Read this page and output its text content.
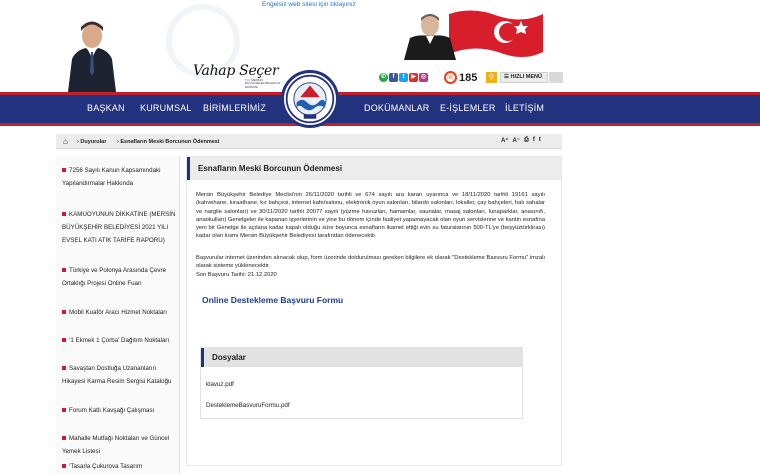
Engelsiz web sitesi için tıklayınız
Vahap Seçer
T.C. MERSİN BÜYÜKŞEHİR BELEDİYE BAŞKANI
✆	f	t	▶ ◎	☏ 185	⚲	☰ HIZLI MENÜ
BAŞKAN KURUMSAL BİRİMLERİMİZ	DOKÜMANLAR E-İŞLEMLER İLETİŞİM
⌂ › Duyurular › Esnafların Meski Borcunun Ödenmesi	A⁺ A⁻ ⎙ f t
7256 Sayılı Kanun Kapsamındaki Yapılandırmalar Hakkında
KAMUOYUNUN DİKKATİNE (MERSİN BÜYÜKŞEHİR BELEDİYESİ 2021 YILI EVSEL KATI ATIK TARİFE RAPORU)
Türkiye ve Polonya Arasında Çevre Ortaklığı Projesi Online Fuarı
Mobil Kuaför Aracı Hizmet Noktaları
‘1 Ekmek 1 Çorba’ Dağıtım Noktaları
Savaştan Dostluğa Uzananların Hikayesi Karma Resim Sergisi Kataloğu
Forum Katlı Kavşağı Çalışması
Mahalle Mutfağı Noktaları ve Güncel Yemek Listesi
‘Tasarla Çukurova Tasarım
Esnafların Meski Borcunun Ödenmesi

Mersin Büyükşehir Belediye Meclisi'nin 26/11/2020 tarihli ve 674 sayılı ara kararı uyarınca ve 18/11/2020 tarihli 19161 sayılı (kahvehane, kıraathane, kır bahçesi, internet kafe/salonu, elektronik oyun salonları, bilardo salonları, lokaller, çay bahçeleri, halı sahalar ve nargile salonları) ve 30/11/2020 tarihli 20077 sayılı (yüzme havuzları, hamamlar, saunalar, masaj salonları, lunaparklar, anasınıfı, anaokulları) Genelgeler ile kapanan işyerlerinin ve yine bu dönem içinde faaliyet yapamayacak olan oyun servislerine ve kantin esnafına yeni bir Genelge ile açılana kadar kapalı olduğu süre boyunca esnafların ikamet ettiği evin su faturalarının 500-TL'ye (beşyüztürklirası) kadar olan kısmı Mersin Büyükşehir Belediyesi tarafından ödenecektir.

Başvurular internet üzerinden alınacak olup, form üzerinde doldurulması gereken bilgilere ek olarak "Destekleme Basvuru Formu" imzalı olarak sisteme yüklenecektir.

Son Başvuru Tarihi: 21.12.2020

Online Destekleme Başvuru Formu
Dosyalar
klavuz.pdf
DesteklemeBasvuruFormu.pdf
